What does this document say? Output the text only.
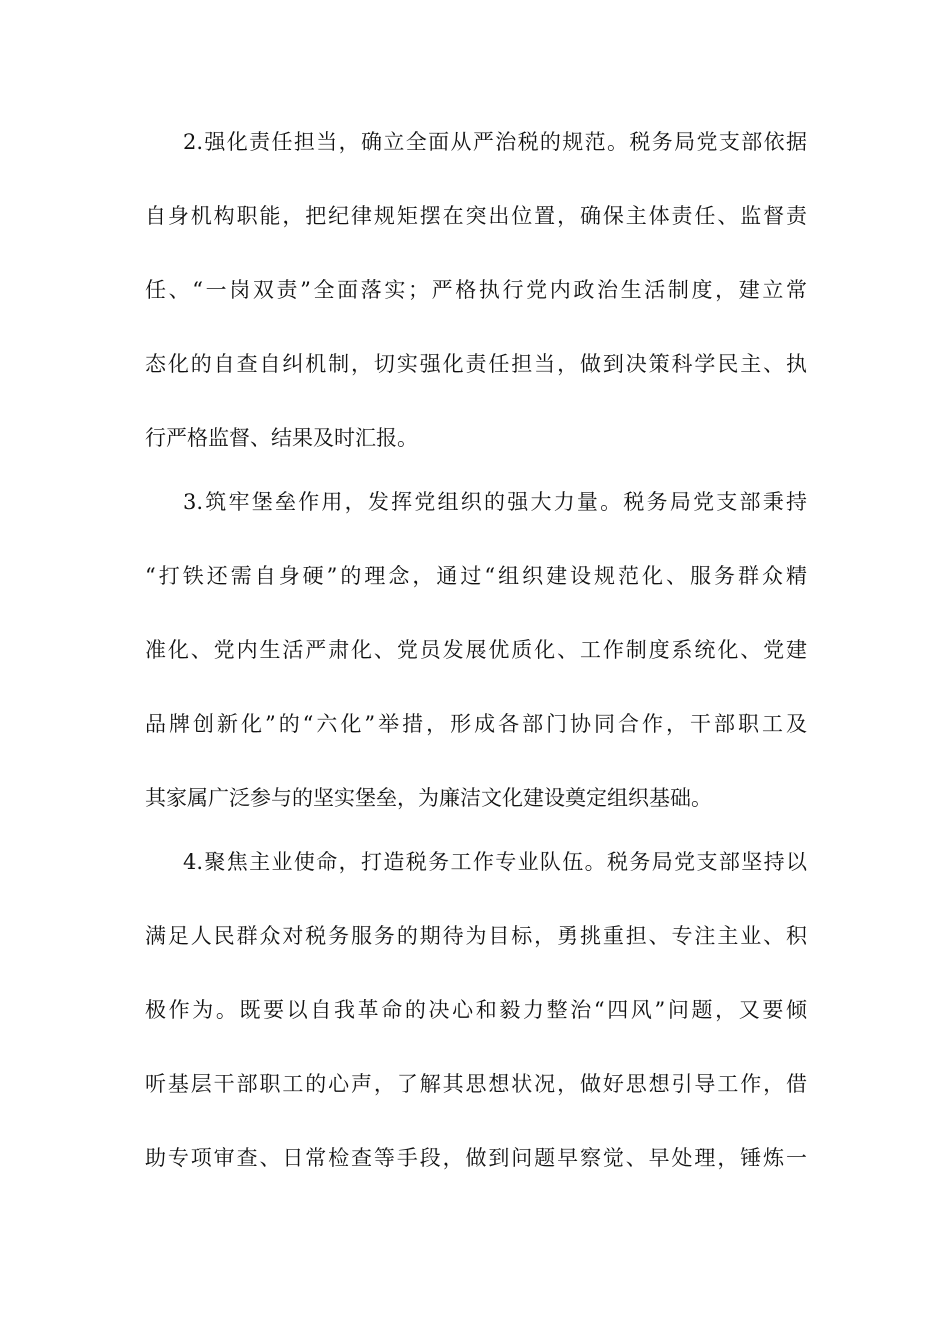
2.强化责任担当，确立全面从严治税的规范。税务局党支部依据
自身机构职能，把纪律规矩摆在突出位置，确保主体责任、监督责
任、“一岗双责”全面落实；严格执行党内政治生活制度，建立常
态化的自查自纠机制，切实强化责任担当，做到决策科学民主、执
行严格监督、结果及时汇报。
3.筑牢堡垒作用，发挥党组织的强大力量。税务局党支部秉持
“打铁还需自身硬”的理念，通过“组织建设规范化、服务群众精
准化、党内生活严肃化、党员发展优质化、工作制度系统化、党建
品牌创新化”的“六化”举措，形成各部门协同合作，干部职工及
其家属广泛参与的坚实堡垒，为廉洁文化建设奠定组织基础。
4.聚焦主业使命，打造税务工作专业队伍。税务局党支部坚持以
满足人民群众对税务服务的期待为目标，勇挑重担、专注主业、积
极作为。既要以自我革命的决心和毅力整治“四风”问题，又要倾
听基层干部职工的心声，了解其思想状况，做好思想引导工作，借
助专项审查、日常检查等手段，做到问题早察觉、早处理，锤炼一
